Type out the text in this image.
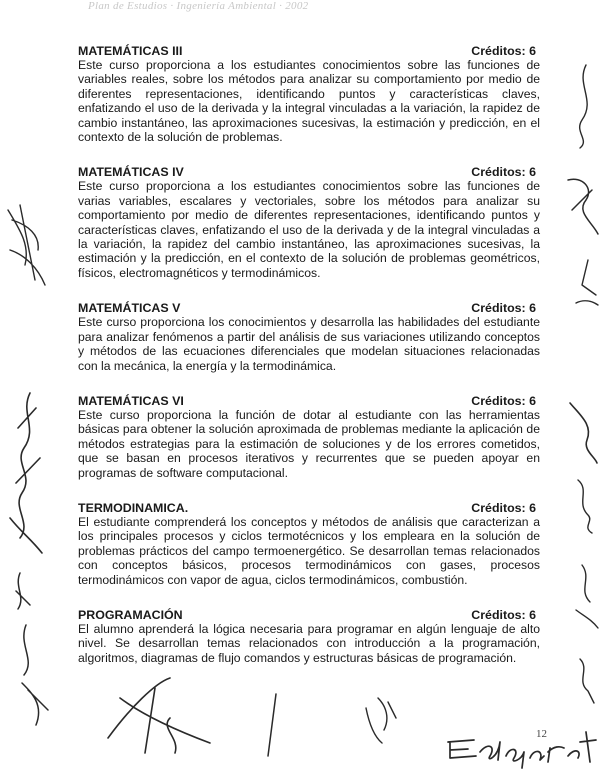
Plan de Estudios · Ingeniería Ambiental · 2002
MATEMÁTICAS III	Créditos: 6

Este curso proporciona a los estudiantes conocimientos sobre las funciones de variables reales, sobre los métodos para analizar su comportamiento por medio de diferentes representaciones, identificando puntos y características claves, enfatizando el uso de la derivada y la integral vinculadas a la variación, la rapidez de cambio instantáneo, las aproximaciones sucesivas, la estimación y predicción, en el contexto de la solución de problemas.

MATEMÁTICAS IV	Créditos: 6

Este curso proporciona a los estudiantes conocimientos sobre las funciones de varias variables, escalares y vectoriales, sobre los métodos para analizar su comportamiento por medio de diferentes representaciones, identificando puntos y características claves, enfatizando el uso de la derivada y de la integral vinculadas a la variación, la rapidez del cambio instantáneo, las aproximaciones sucesivas, la estimación y la predicción, en el contexto de la solución de problemas geométricos, físicos, electromagnéticos y termodinámicos.

MATEMÁTICAS V	Créditos: 6

Este curso proporciona los conocimientos y desarrolla las habilidades del estudiante para analizar fenómenos a partir del análisis de sus variaciones utilizando conceptos y métodos de las ecuaciones diferenciales que modelan situaciones relacionadas con la mecánica, la energía y la termodinámica.

MATEMÁTICAS VI	Créditos: 6

Este curso proporciona la función de dotar al estudiante con las herramientas básicas para obtener la solución aproximada de problemas mediante la aplicación de métodos estrategias para la estimación de soluciones y de los errores cometidos, que se basan en procesos iterativos y recurrentes que se pueden apoyar en programas de software computacional.

TERMODINAMICA.	Créditos: 6

El estudiante comprenderá los conceptos y métodos de análisis que caracterizan a los principales procesos y ciclos termotécnicos y los empleara en la solución de problemas prácticos del campo termoenergético. Se desarrollan temas relacionados con conceptos básicos, procesos termodinámicos con gases, procesos termodinámicos con vapor de agua, ciclos termodinámicos, combustión.

PROGRAMACIÓN	Créditos: 6

El alumno aprenderá la lógica necesaria para programar en algún lenguaje de alto nivel. Se desarrollan temas relacionados con introducción a la programación, algoritmos, diagramas de flujo comandos y estructuras básicas de programación.

12
